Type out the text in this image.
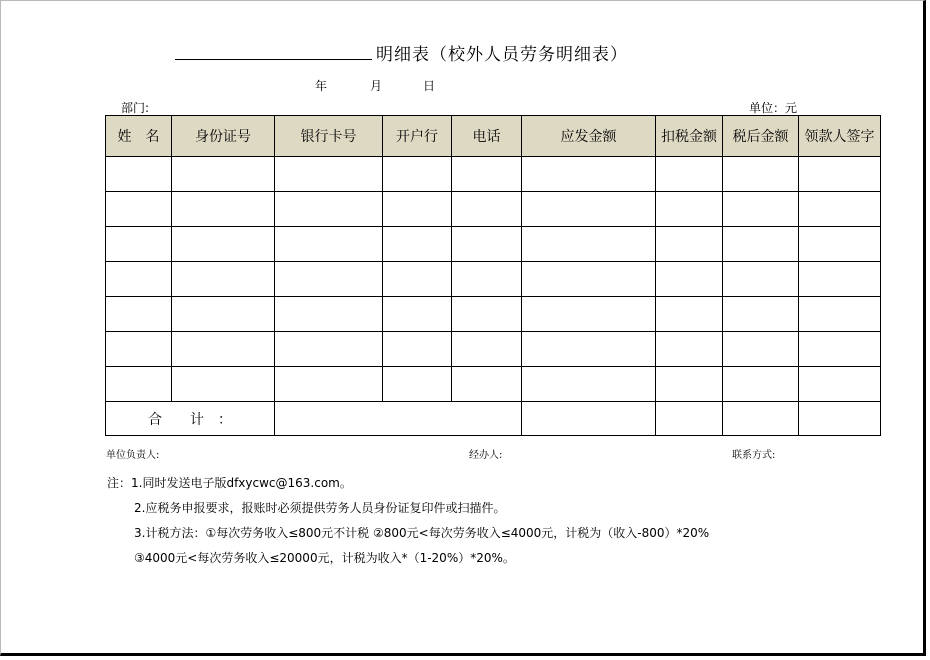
明细表（校外人员劳务明细表）
年	月	日
部门:	单位：元
姓　名	身份证号	银行卡号	开户行	电话	应发金额	扣税金额	税后金额	领款人签字

合　　计　：								
单位负责人:	经办人:	联系方式:
注：1.同时发送电子版dfxycwc@163.com。
2.应税务申报要求，报账时必须提供劳务人员身份证复印件或扫描件。
3.计税方法：①每次劳务收入≤800元不计税 ②800元<每次劳务收入≤4000元，计税为（收入-800）*20%
③4000元<每次劳务收入≤20000元，计税为收入*（1-20%）*20%。
